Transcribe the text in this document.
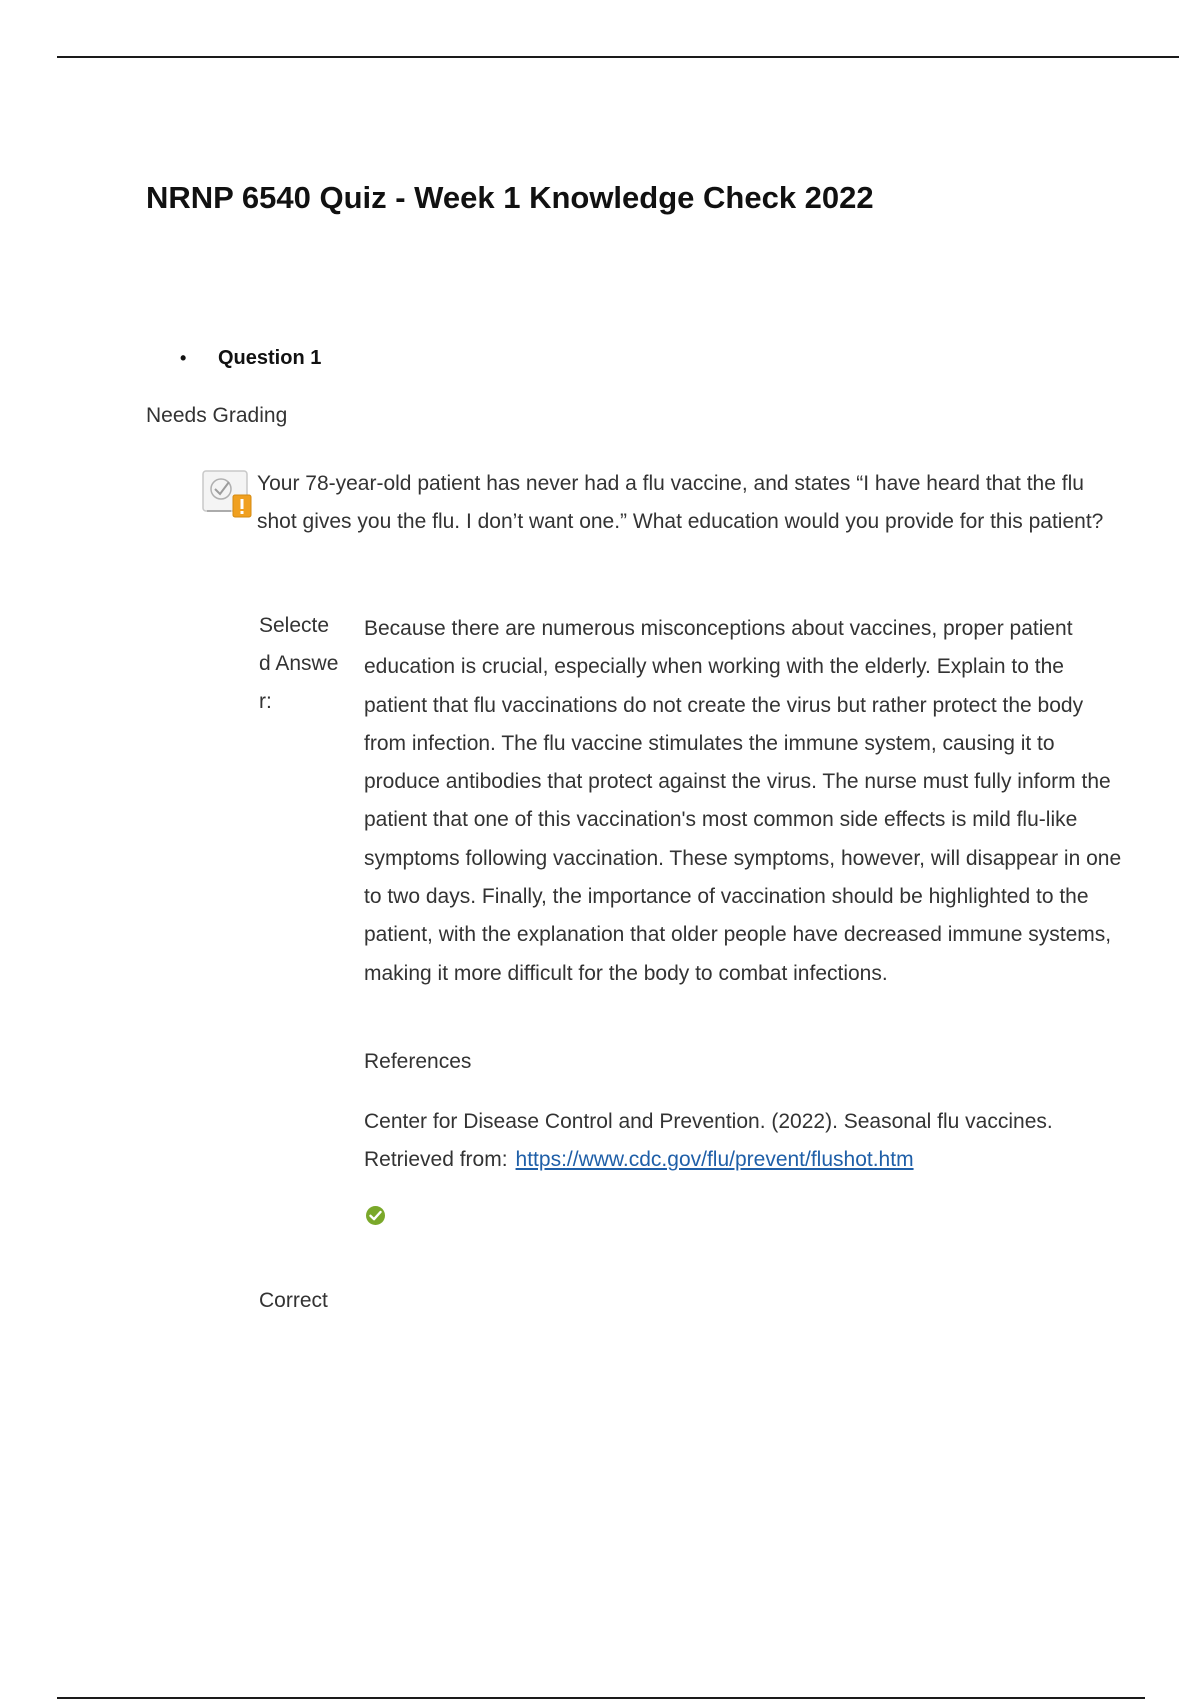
NRNP 6540 Quiz - Week 1 Knowledge Check 2022
• Question 1
Needs Grading
Your 78-year-old patient has never had a flu vaccine, and states “I have heard that the flu shot gives you the flu. I don’t want one.” What education would you provide for this patient?
Selected Answer:

Because there are numerous misconceptions about vaccines, proper patient education is crucial, especially when working with the elderly. Explain to the patient that flu vaccinations do not create the virus but rather protect the body from infection. The flu vaccine stimulates the immune system, causing it to produce antibodies that protect against the virus. The nurse must fully inform the patient that one of this vaccination's most common side effects is mild flu-like symptoms following vaccination. These symptoms, however, will disappear in one to two days. Finally, the importance of vaccination should be highlighted to the patient, with the explanation that older people have decreased immune systems, making it more difficult for the body to combat infections.

References
Center for Disease Control and Prevention. (2022). Seasonal flu vaccines. Retrieved from: https://www.cdc.gov/flu/prevent/flushot.htm
Correct
